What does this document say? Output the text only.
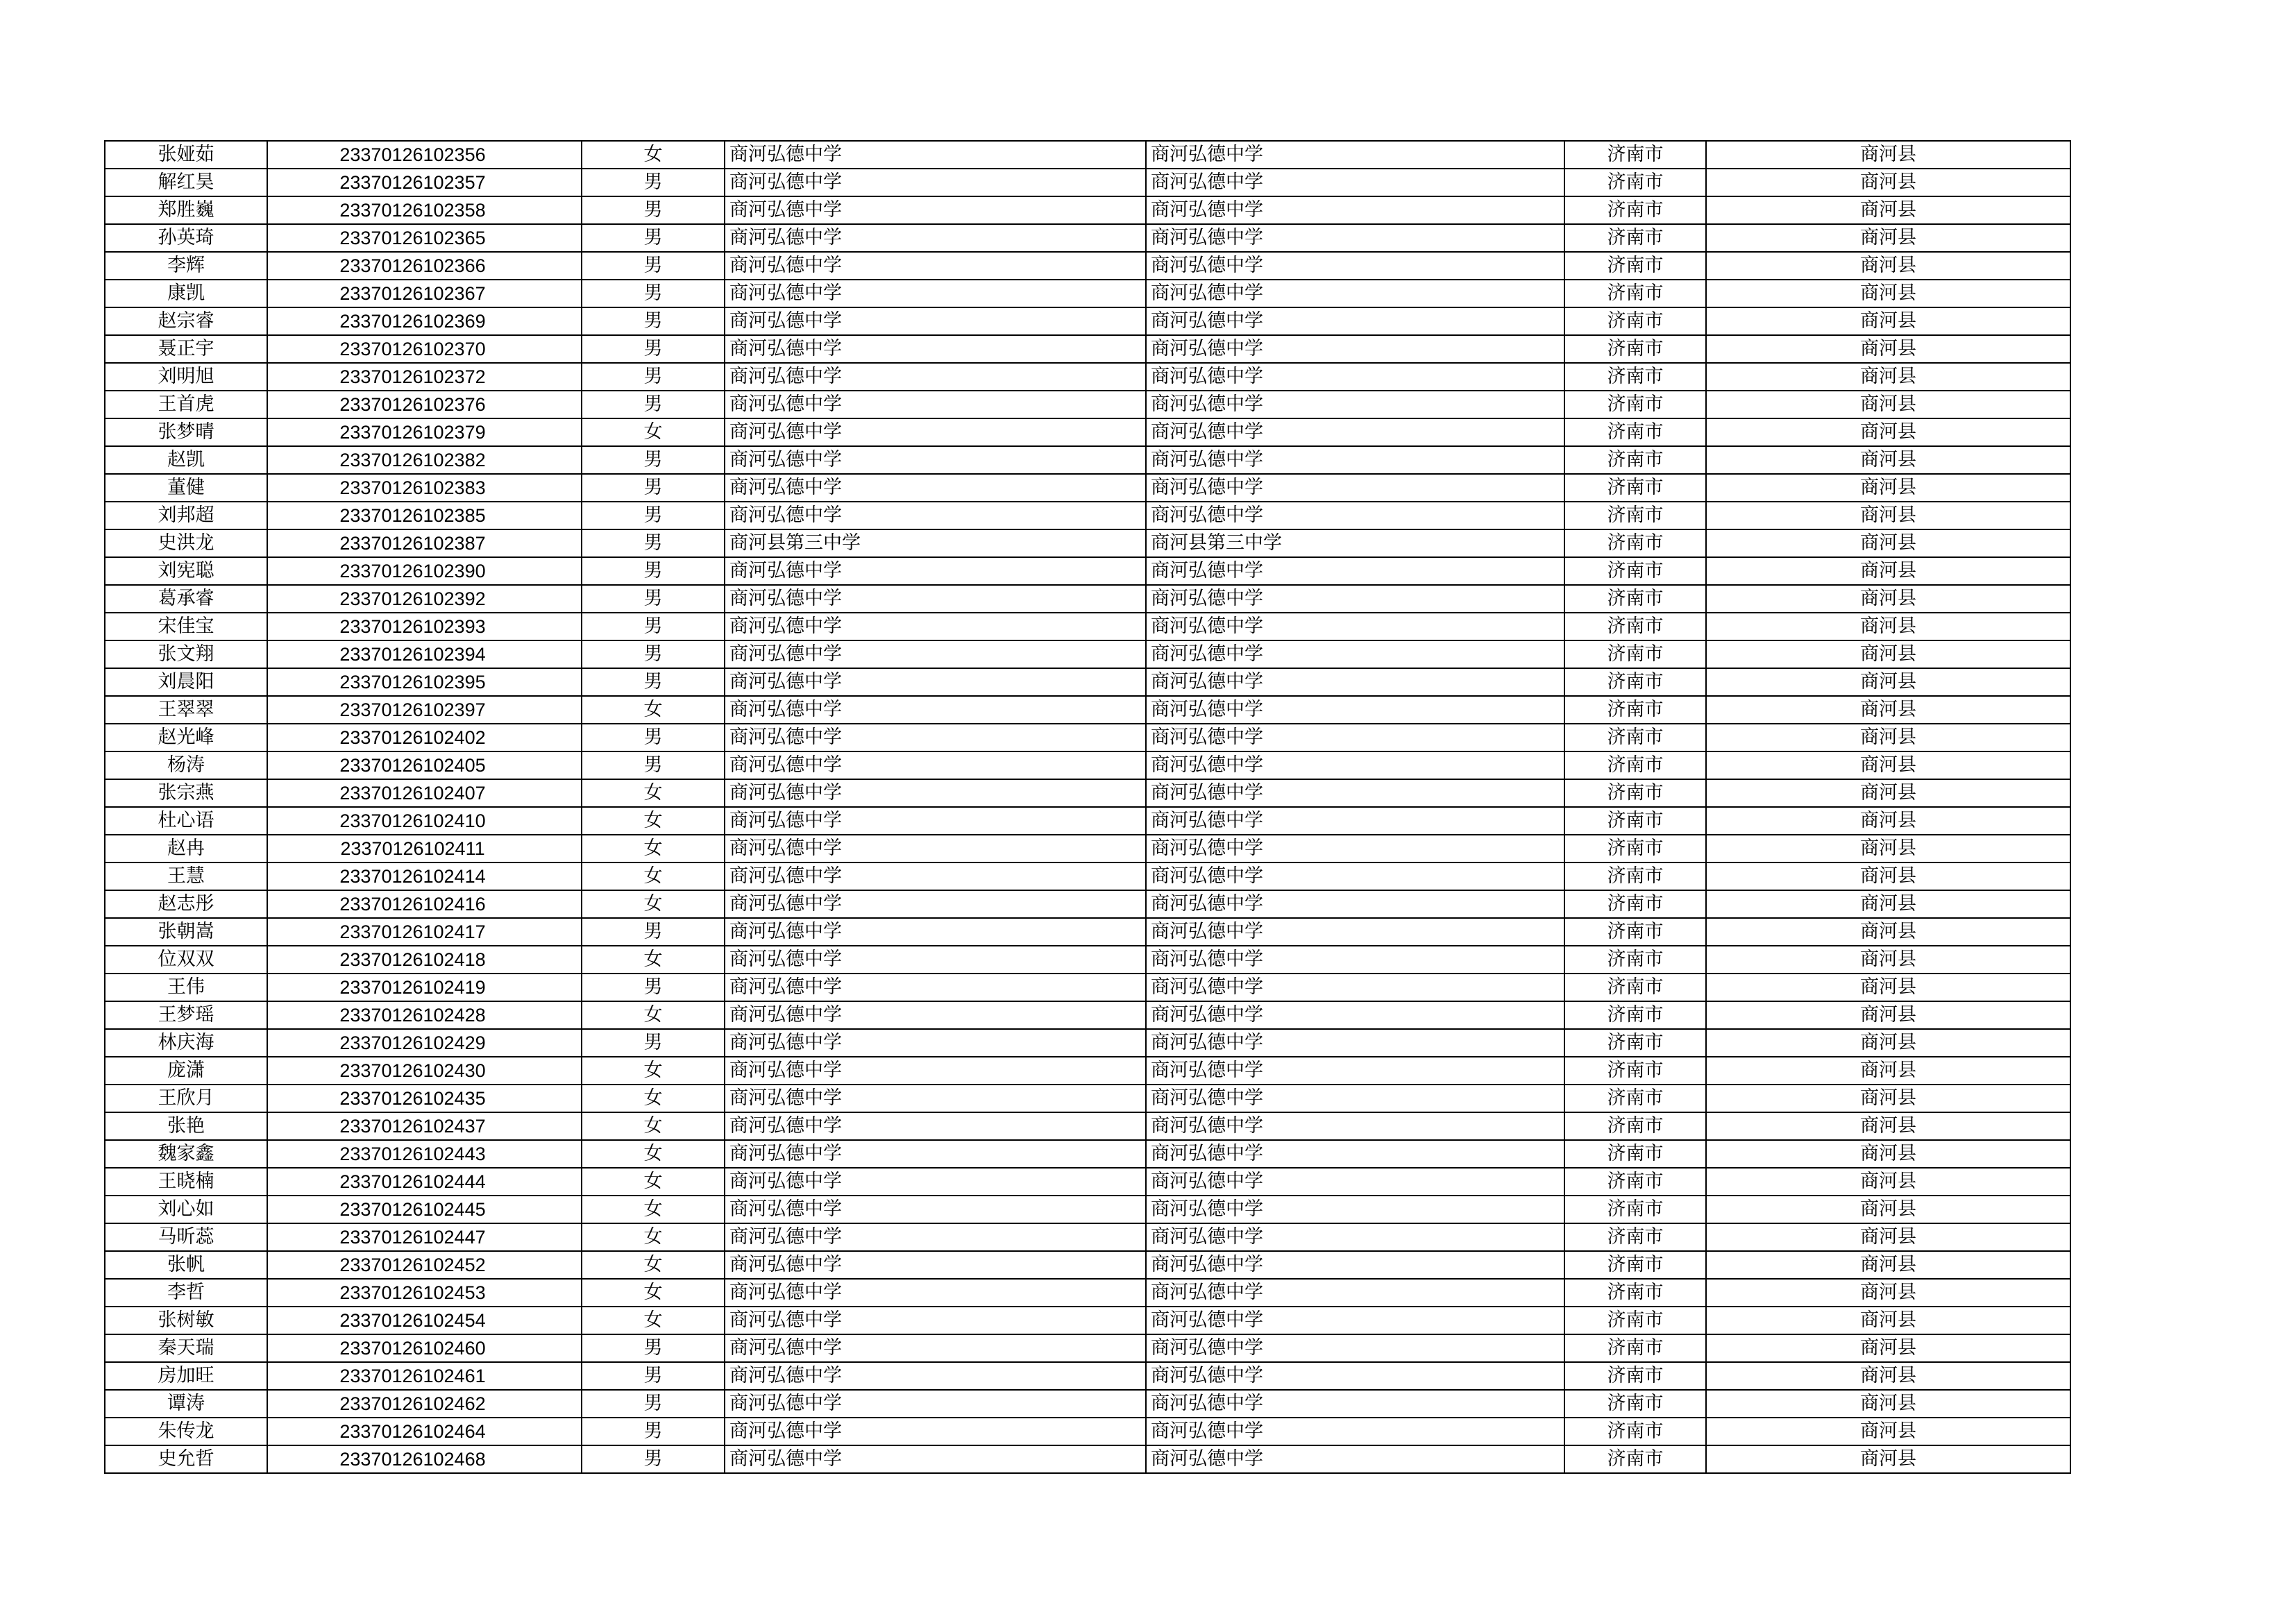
张娅茹	23370126102356	女	商河弘德中学	商河弘德中学	济南市	商河县
解红昊	23370126102357	男	商河弘德中学	商河弘德中学	济南市	商河县
郑胜巍	23370126102358	男	商河弘德中学	商河弘德中学	济南市	商河县
孙英琦	23370126102365	男	商河弘德中学	商河弘德中学	济南市	商河县
李辉	23370126102366	男	商河弘德中学	商河弘德中学	济南市	商河县
康凯	23370126102367	男	商河弘德中学	商河弘德中学	济南市	商河县
赵宗睿	23370126102369	男	商河弘德中学	商河弘德中学	济南市	商河县
聂正宇	23370126102370	男	商河弘德中学	商河弘德中学	济南市	商河县
刘明旭	23370126102372	男	商河弘德中学	商河弘德中学	济南市	商河县
王首虎	23370126102376	男	商河弘德中学	商河弘德中学	济南市	商河县
张梦晴	23370126102379	女	商河弘德中学	商河弘德中学	济南市	商河县
赵凯	23370126102382	男	商河弘德中学	商河弘德中学	济南市	商河县
董健	23370126102383	男	商河弘德中学	商河弘德中学	济南市	商河县
刘邦超	23370126102385	男	商河弘德中学	商河弘德中学	济南市	商河县
史洪龙	23370126102387	男	商河县第三中学	商河县第三中学	济南市	商河县
刘宪聪	23370126102390	男	商河弘德中学	商河弘德中学	济南市	商河县
葛承睿	23370126102392	男	商河弘德中学	商河弘德中学	济南市	商河县
宋佳宝	23370126102393	男	商河弘德中学	商河弘德中学	济南市	商河县
张文翔	23370126102394	男	商河弘德中学	商河弘德中学	济南市	商河县
刘晨阳	23370126102395	男	商河弘德中学	商河弘德中学	济南市	商河县
王翠翠	23370126102397	女	商河弘德中学	商河弘德中学	济南市	商河县
赵光峰	23370126102402	男	商河弘德中学	商河弘德中学	济南市	商河县
杨涛	23370126102405	男	商河弘德中学	商河弘德中学	济南市	商河县
张宗燕	23370126102407	女	商河弘德中学	商河弘德中学	济南市	商河县
杜心语	23370126102410	女	商河弘德中学	商河弘德中学	济南市	商河县
赵冉	23370126102411	女	商河弘德中学	商河弘德中学	济南市	商河县
王慧	23370126102414	女	商河弘德中学	商河弘德中学	济南市	商河县
赵志彤	23370126102416	女	商河弘德中学	商河弘德中学	济南市	商河县
张朝嵩	23370126102417	男	商河弘德中学	商河弘德中学	济南市	商河县
位双双	23370126102418	女	商河弘德中学	商河弘德中学	济南市	商河县
王伟	23370126102419	男	商河弘德中学	商河弘德中学	济南市	商河县
王梦瑶	23370126102428	女	商河弘德中学	商河弘德中学	济南市	商河县
林庆海	23370126102429	男	商河弘德中学	商河弘德中学	济南市	商河县
庞潇	23370126102430	女	商河弘德中学	商河弘德中学	济南市	商河县
王欣月	23370126102435	女	商河弘德中学	商河弘德中学	济南市	商河县
张艳	23370126102437	女	商河弘德中学	商河弘德中学	济南市	商河县
魏家鑫	23370126102443	女	商河弘德中学	商河弘德中学	济南市	商河县
王晓楠	23370126102444	女	商河弘德中学	商河弘德中学	济南市	商河县
刘心如	23370126102445	女	商河弘德中学	商河弘德中学	济南市	商河县
马昕蕊	23370126102447	女	商河弘德中学	商河弘德中学	济南市	商河县
张帆	23370126102452	女	商河弘德中学	商河弘德中学	济南市	商河县
李哲	23370126102453	女	商河弘德中学	商河弘德中学	济南市	商河县
张树敏	23370126102454	女	商河弘德中学	商河弘德中学	济南市	商河县
秦天瑞	23370126102460	男	商河弘德中学	商河弘德中学	济南市	商河县
房加旺	23370126102461	男	商河弘德中学	商河弘德中学	济南市	商河县
谭涛	23370126102462	男	商河弘德中学	商河弘德中学	济南市	商河县
朱传龙	23370126102464	男	商河弘德中学	商河弘德中学	济南市	商河县
史允哲	23370126102468	男	商河弘德中学	商河弘德中学	济南市	商河县
